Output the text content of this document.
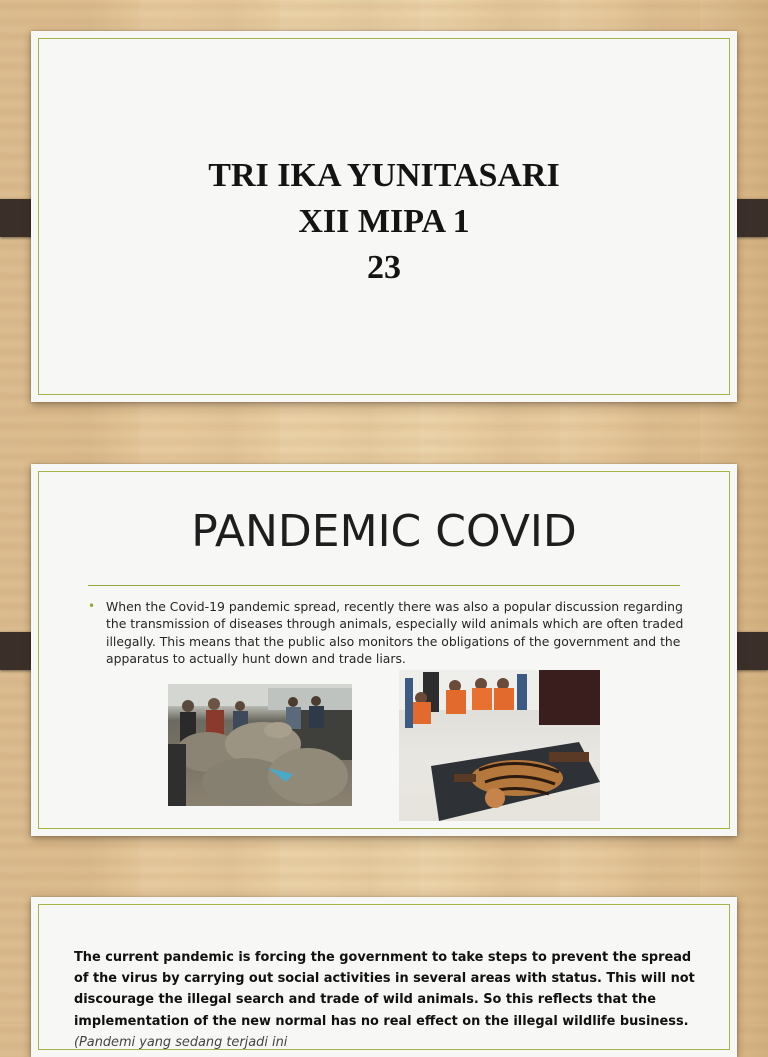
TRI IKA YUNITASARI
XII MIPA 1
23
PANDEMIC COVID
• When the Covid-19 pandemic spread, recently there was also a popular discussion regarding the transmission of diseases through animals, especially wild animals which are often traded illegally. This means that the public also monitors the obligations of the government and the apparatus to actually hunt down and trade liars.
The current pandemic is forcing the government to take steps to prevent the spread of the virus by carrying out social activities in several areas with status. This will not discourage the illegal search and trade of wild animals. So this reflects that the implementation of the new normal has no real effect on the illegal wildlife business. (Pandemi yang sedang terjadi ini
